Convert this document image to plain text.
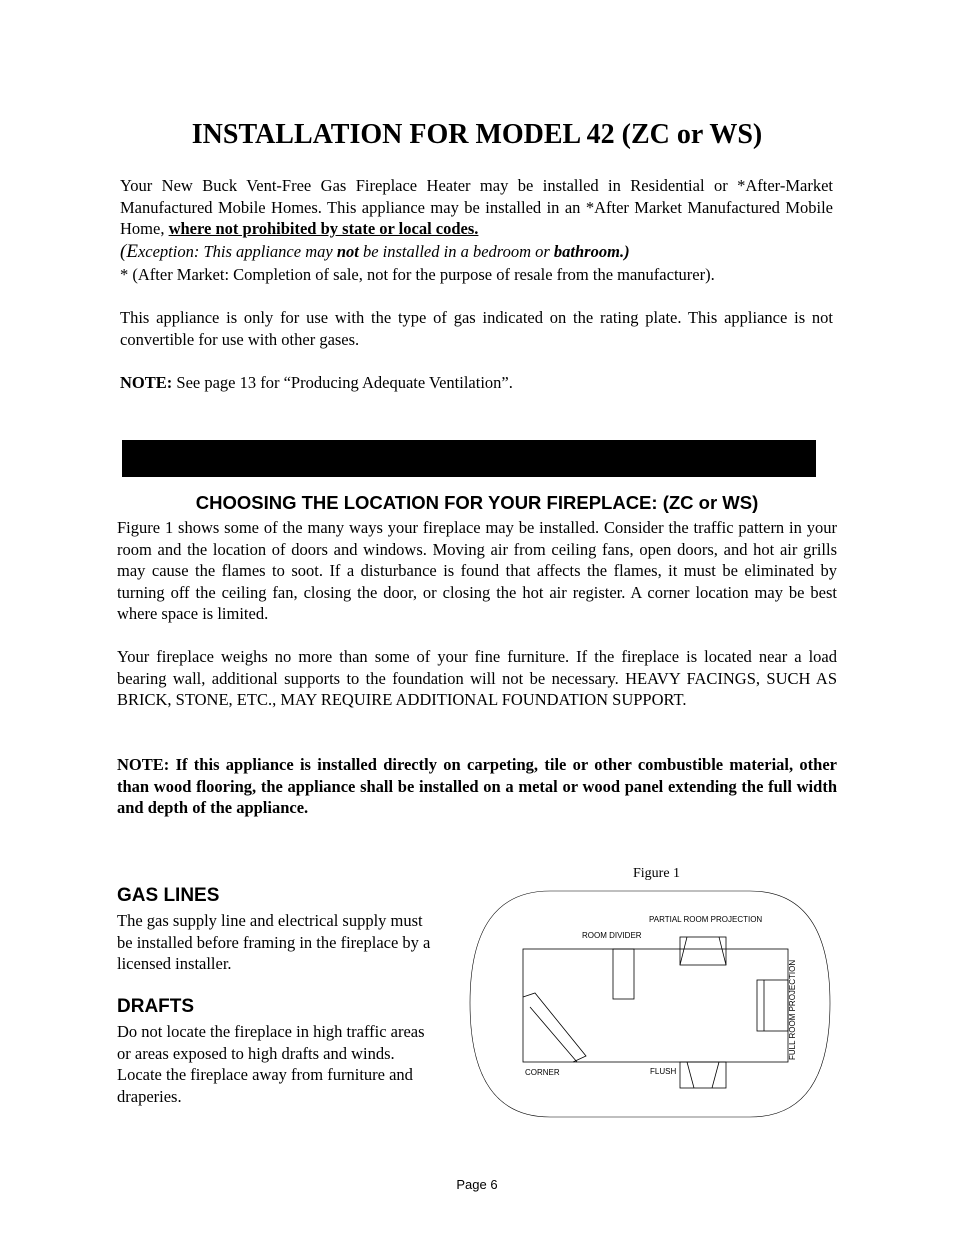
INSTALLATION FOR MODEL 42 (ZC or WS)
Your New Buck Vent-Free Gas Fireplace Heater may be installed in Residential or *After-Market Manufactured Mobile Homes. This appliance may be installed in an *After Market Manufactured Mobile Home, where not prohibited by state or local codes.
(Exception: This appliance may not be installed in a bedroom or bathroom.)
* (After Market: Completion of sale, not for the purpose of resale from the manufacturer).
This appliance is only for use with the type of gas indicated on the rating plate. This appliance is not convertible for use with other gases.
NOTE: See page 13 for “Producing Adequate Ventilation”.
CHOOSING THE LOCATION FOR YOUR FIREPLACE: (ZC or WS)
Figure 1 shows some of the many ways your fireplace may be installed. Consider the traffic pattern in your room and the location of doors and windows. Moving air from ceiling fans, open doors, and hot air grills may cause the flames to soot. If a disturbance is found that affects the flames, it must be eliminated by turning off the ceiling fan, closing the door, or closing the hot air register. A corner location may be best where space is limited.
Your fireplace weighs no more than some of your fine furniture. If the fireplace is located near a load bearing wall, additional supports to the foundation will not be necessary. HEAVY FACINGS, SUCH AS BRICK, STONE, ETC., MAY REQUIRE ADDITIONAL FOUNDATION SUPPORT.
NOTE: If this appliance is installed directly on carpeting, tile or other combustible material, other than wood flooring, the appliance shall be installed on a metal or wood panel extending the full width and depth of the appliance.
GAS LINES
The gas supply line and electrical supply must be installed before framing in the fireplace by a licensed installer.
DRAFTS
Do not locate the fireplace in high traffic areas or areas exposed to high drafts and winds. Locate the fireplace away from furniture and draperies.
Figure 1
PARTIAL ROOM PROJECTION
ROOM DIVIDER
FULL ROOM PROJECTION
CORNER	FLUSH
Page 6
